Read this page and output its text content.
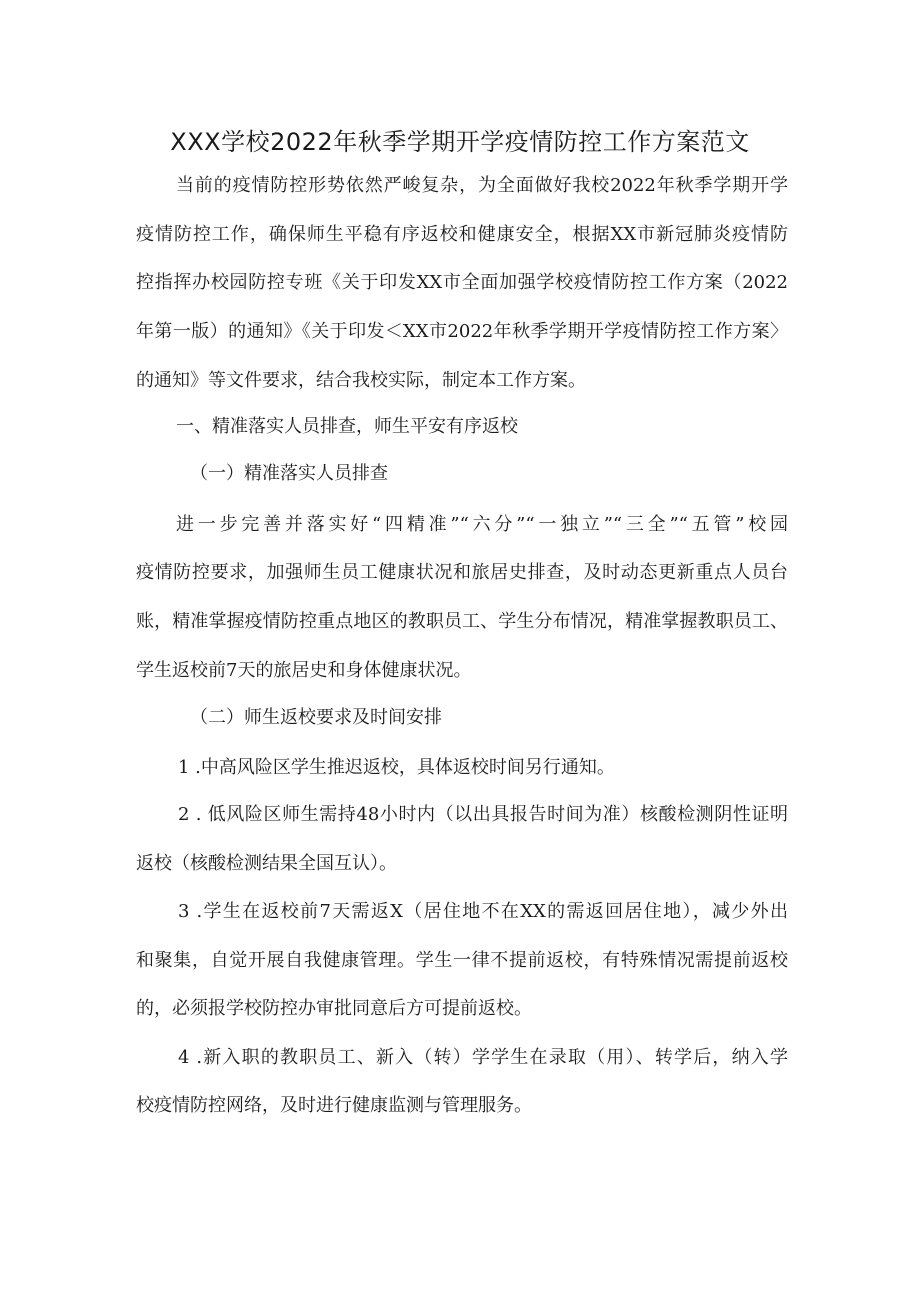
XXX学校2022年秋季学期开学疫情防控工作方案范文
当前的疫情防控形势依然严峻复杂，为全面做好我校2022年秋季学期开学
疫情防控工作，确保师生平稳有序返校和健康安全，根据XX市新冠肺炎疫情防
控指挥办校园防控专班《关于印发XX市全面加强学校疫情防控工作方案（2022
年第一版）的通知》《关于印发＜XX市2022年秋季学期开学疫情防控工作方案〉
的通知》等文件要求，结合我校实际，制定本工作方案。
一、精准落实人员排查，师生平安有序返校
（一）精准落实人员排查
进一步完善并落实好“四精准”“六分”“一独立”“三全”“五管”校园
疫情防控要求，加强师生员工健康状况和旅居史排查，及时动态更新重点人员台
账，精准掌握疫情防控重点地区的教职员工、学生分布情况，精准掌握教职员工、
学生返校前7天的旅居史和身体健康状况。
（二）师生返校要求及时间安排
1 .中高风险区学生推迟返校，具体返校时间另行通知。
2 . 低风险区师生需持48小时内（以出具报告时间为准）核酸检测阴性证明
返校（核酸检测结果全国互认）。
3 .学生在返校前7天需返X（居住地不在XX的需返回居住地），减少外出
和聚集，自觉开展自我健康管理。学生一律不提前返校，有特殊情况需提前返校
的，必须报学校防控办审批同意后方可提前返校。
4 .新入职的教职员工、新入（转）学学生在录取（用）、转学后，纳入学
校疫情防控网络，及时进行健康监测与管理服务。
